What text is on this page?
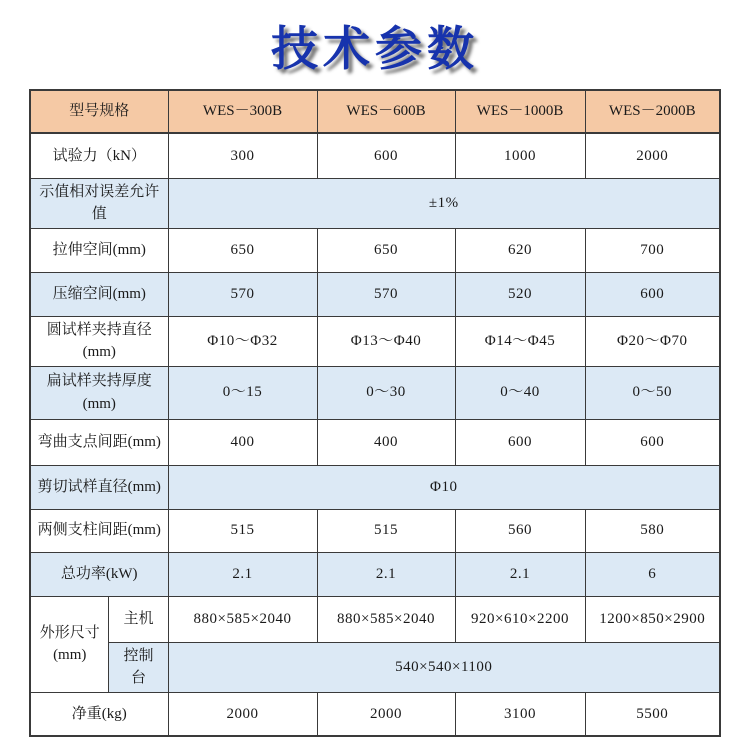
技术参数
型号规格		WES－300B	WES－600B	WES－1000B	WES－2000B
试验力（kN）		300	600	1000	2000
示值相对误差允许值		±1%			
拉伸空间(mm)		650	650	620	700
压缩空间(mm)		570	570	520	600
圆试样夹持直径(mm)		Φ10～Φ32	Φ13～Φ40	Φ14～Φ45	Φ20～Φ70
扁试样夹持厚度(mm)		0～15	0～30	0～40	0～50
弯曲支点间距(mm)		400	400	600	600
剪切试样直径(mm)		Φ10			
两侧支柱间距(mm)		515	515	560	580
总功率(kW)		2.1	2.1	2.1	6
外形尺寸(mm)	主机	880×585×2040	880×585×2040	920×610×2200	1200×850×2900
	控制台	540×540×1100			
净重(kg)		2000	2000	3100	5500
